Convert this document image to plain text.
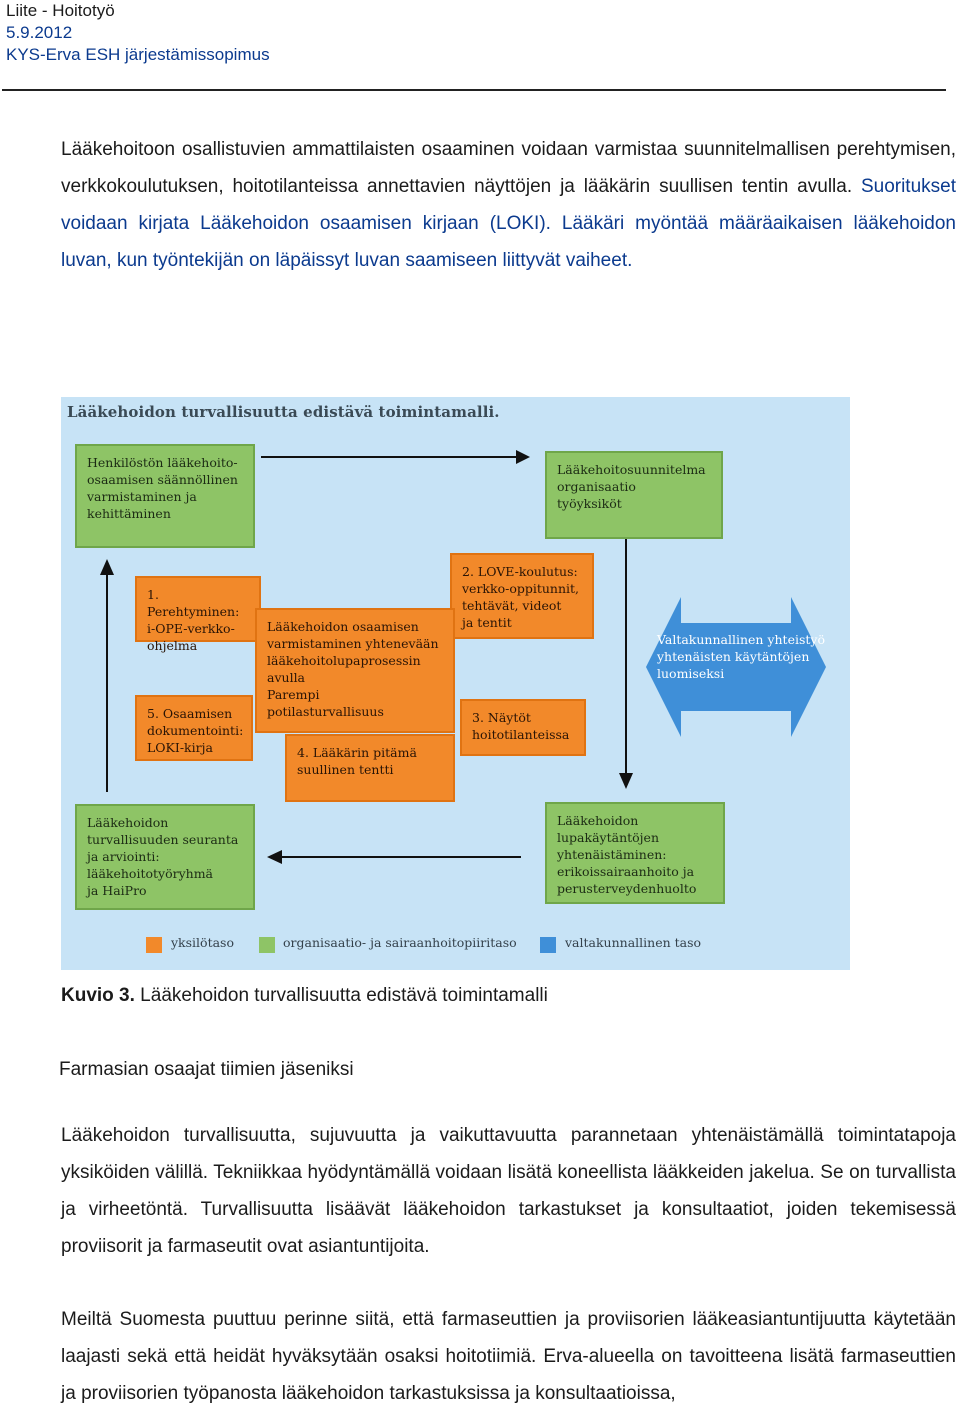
Liite - Hoitotyö
5.9.2012
KYS-Erva ESH järjestämissopimus
Lääkehoitoon osallistuvien ammattilaisten osaaminen voidaan varmistaa suunnitelmallisen perehtymisen, verkkokoulutuksen, hoitotilanteissa annettavien näyttöjen ja lääkärin suullisen tentin avulla. Suoritukset voidaan kirjata Lääkehoidon osaamisen kirjaan (LOKI). Lääkäri myöntää määräaikaisen lääkehoidon luvan, kun työntekijän on läpäissyt luvan saamiseen liittyvät vaiheet.
Lääkehoidon turvallisuutta edistävä toimintamalli.
Henkilöstön lääkehoito-
osaamisen säännöllinen
varmistaminen ja
kehittäminen
Lääkehoitosuunnitelma
organisaatio
työyksiköt
1. Perehtyminen:
i-OPE-verkko-
ohjelma
2. LOVE-koulutus:
verkko-oppitunnit,
tehtävät, videot
ja tentit
Lääkehoidon osaamisen
varmistaminen yhtenevään
lääkehoitolupaprosessin
avulla
Parempi
potilasturvallisuus
5. Osaamisen
dokumentointi:
LOKI-kirja
3. Näytöt
hoitotilanteissa
4. Lääkärin pitämä
suullinen tentti
Lääkehoidon
turvallisuuden seuranta
ja arviointi:
lääkehoitotyöryhmä
ja HaiPro
Lääkehoidon
lupakäytäntöjen
yhtenäistäminen:
erikoissairaanhoito ja
perusterveydenhuolto
Valtakunnallinen yhteistyö
yhtenäisten käytäntöjen
luomiseksi
yksilötaso	organisaatio- ja sairaanhoitopiiritaso	valtakunnallinen taso
Kuvio 3. Lääkehoidon turvallisuutta edistävä toimintamalli
Farmasian osaajat tiimien jäseniksi
Lääkehoidon turvallisuutta, sujuvuutta ja vaikuttavuutta parannetaan yhtenäistämällä toimintatapoja yksiköiden välillä. Tekniikkaa hyödyntämällä voidaan lisätä koneellista lääkkeiden jakelua. Se on turvallista ja virheetöntä. Turvallisuutta lisäävät lääkehoidon tarkastukset ja konsultaatiot, joiden tekemisessä proviisorit ja farmaseutit ovat asiantuntijoita.
Meiltä Suomesta puuttuu perinne siitä, että farmaseuttien ja proviisorien lääkeasiantuntijuutta käytetään laajasti sekä että heidät hyväksytään osaksi hoitotiimiä. Erva-alueella on tavoitteena lisätä farmaseuttien ja proviisorien työpanosta lääkehoidon tarkastuksissa ja konsultaatioissa,
